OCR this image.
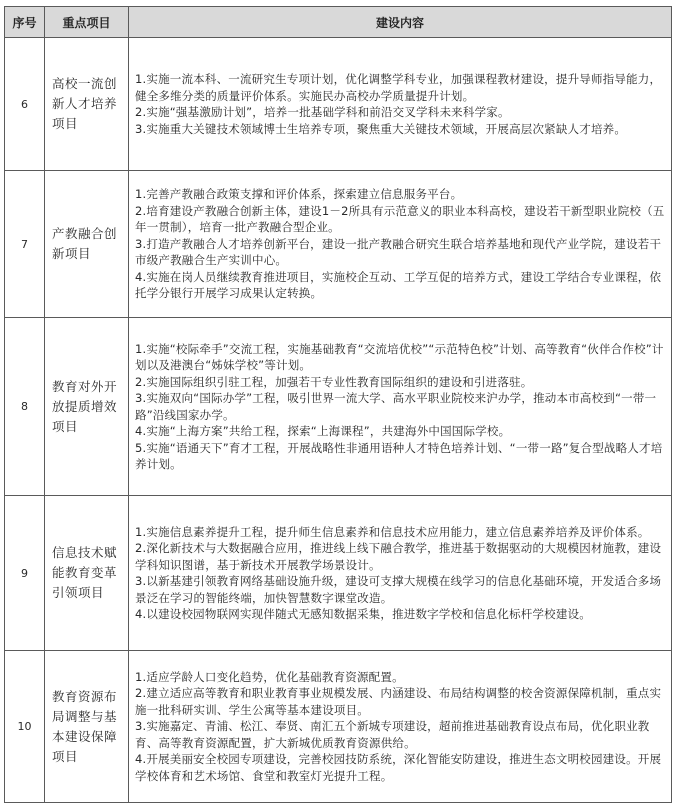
序号	重点项目	建设内容
6	高校一流创新人才培养项目	1.实施一流本科、一流研究生专项计划，优化调整学科专业，加强课程教材建设，提升导师指导能力，健全多维分类的质量评价体系。实施民办高校办学质量提升计划。

2.实施“强基激励计划”，培养一批基础学科和前沿交叉学科未来科学家。

3.实施重大关键技术领域博士生培养专项，聚焦重大关键技术领域，开展高层次紧缺人才培养。

7	产教融合创新项目	1.完善产教融合政策支撑和评价体系，探索建立信息服务平台。

2.培育建设产教融合创新主体，建设1－2所具有示范意义的职业本科高校，建设若干新型职业院校（五年一贯制），培育一批产教融合型企业。

3.打造产教融合人才培养创新平台，建设一批产教融合研究生联合培养基地和现代产业学院，建设若干市级产教融合生产实训中心。

4.实施在岗人员继续教育推进项目，实施校企互动、工学互促的培养方式，建设工学结合专业课程，依托学分银行开展学习成果认定转换。

8	教育对外开放提质增效项目	1.实施“校际牵手”交流工程，实施基础教育“交流培优校”“示范特色校”计划、高等教育“伙伴合作校”计划以及港澳台“姊妹学校”等计划。

2.实施国际组织引驻工程，加强若干专业性教育国际组织的建设和引进落驻。

3.实施双向“国际办学”工程，吸引世界一流大学、高水平职业院校来沪办学，推动本市高校到“一带一路”沿线国家办学。

4.实施“上海方案”共给工程，探索“上海课程”，共建海外中国国际学校。

5.实施“语通天下”育才工程，开展战略性非通用语种人才特色培养计划、“一带一路”复合型战略人才培养计划。

9	信息技术赋能教育变革引领项目	1.实施信息素养提升工程，提升师生信息素养和信息技术应用能力，建立信息素养培养及评价体系。

2.深化新技术与大数据融合应用，推进线上线下融合教学，推进基于数据驱动的大规模因材施教，建设学科知识图谱，基于新技术开展教学场景设计。

3.以新基建引领教育网络基础设施升级，建设可支撑大规模在线学习的信息化基础环境，开发适合多场景泛在学习的智能终端，加快智慧数字课堂改造。

4.以建设校园物联网实现伴随式无感知数据采集，推进数字学校和信息化标杆学校建设。

10	教育资源布局调整与基本建设保障项目	1.适应学龄人口变化趋势，优化基础教育资源配置。

2.建立适应高等教育和职业教育事业规模发展、内涵建设、布局结构调整的校舍资源保障机制，重点实施一批科研实训、学生公寓等基本建设项目。

3.实施嘉定、青浦、松江、奉贤、南汇五个新城专项建设，超前推进基础教育设点布局，优化职业教育、高等教育资源配置，扩大新城优质教育资源供给。

4.开展美丽安全校园专项建设，完善校园技防系统，深化智能安防建设，推进生态文明校园建设。开展学校体育和艺术场馆、食堂和教室灯光提升工程。
